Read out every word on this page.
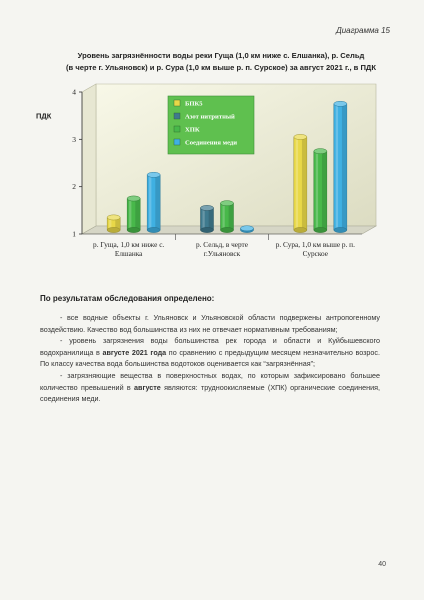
Диаграмма 15
Уровень загрязнённости воды реки Гуща (1,0 км ниже с. Елшанка), р. Сельд
(в черте г. Ульяновск) и р. Сура (1,0 км выше р. п. Сурское) за август 2021 г., в ПДК
1
2
3
4
ПДК
р. Гуща, 1,0 км ниже с.
Елшанка
р. Сельд, в черте
г.Ульяновск
р. Сура, 1,0 км выше р. п.
Сурское
БПК5
Азот нитритный
ХПК
Соединения меди
По результатам обследования определено:

- все водные объекты г. Ульяновск и Ульяновской области подвержены антропогенному воздействию. Качество вод большинства из них не отвечает нормативным требованиям;

- уровень загрязнения воды большинства рек города и области и Куйбышевского водохранилища в августе 2021 года по сравнению с предыдущим месяцем незначительно возрос. По классу качества вода большинства водотоков оценивается как “загрязнённая”;

- загрязняющие вещества в поверхностных водах, по которым зафиксировано большее количество превышений в августе являются: трудноокисляемые (ХПК) органические соединения, соединения меди.

40
